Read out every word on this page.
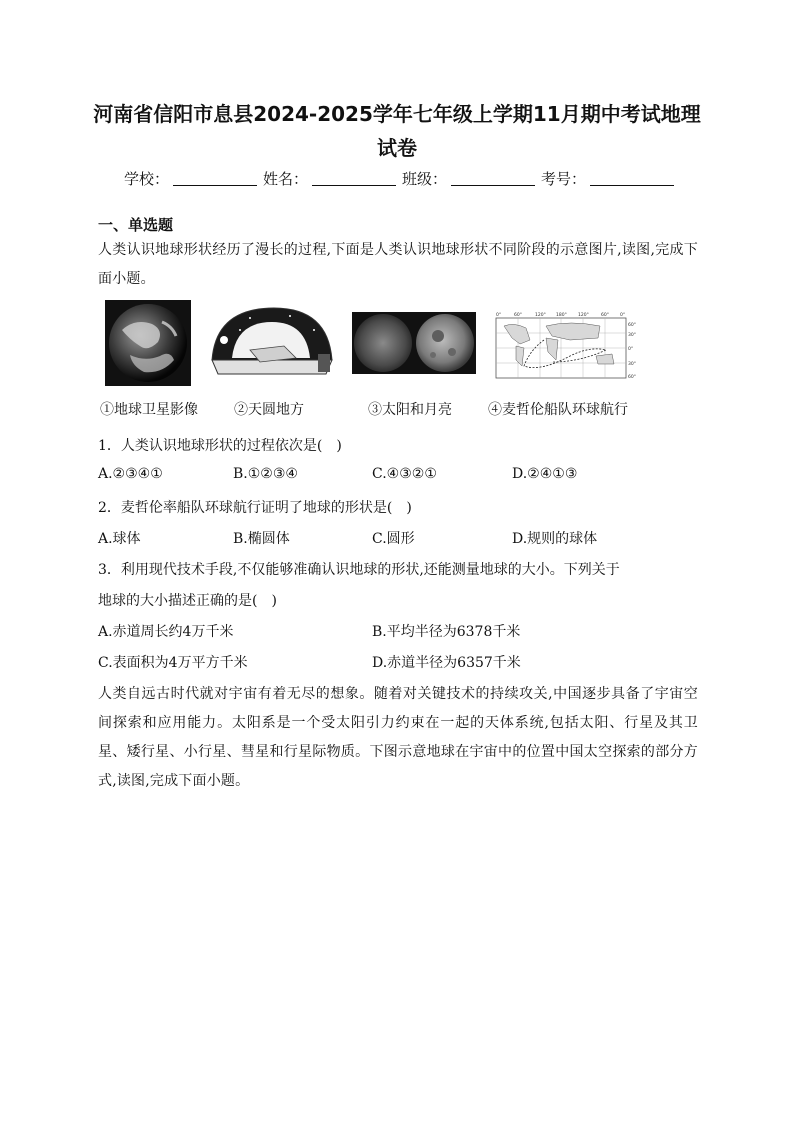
河南省信阳市息县2024-2025学年七年级上学期11月期中考试地理
试卷
学校：	姓名：	班级：	考号：
一、单选题
人类认识地球形状经历了漫长的过程,下面是人类认识地球形状不同阶段的示意图片,读图,完成下面小题。
0°	60°	120° 180° 120°	60° 0°
60°
30°
0°
30°
60°
①地球卫星影像	②天圆地方	③太阳和月亮	④麦哲伦船队环球航行
1．人类认识地球形状的过程依次是(　)
A.②③④①	B.①②③④	C.④③②①	D.②④①③
2．麦哲伦率船队环球航行证明了地球的形状是(　)
A.球体	B.椭圆体	C.圆形	D.规则的球体
3．利用现代技术手段,不仅能够准确认识地球的形状,还能测量地球的大小。下列关于
地球的大小描述正确的是(　)
A.赤道周长约4万千米	B.平均半径为6378千米
C.表面积为4万平方千米	D.赤道半径为6357千米
人类自远古时代就对宇宙有着无尽的想象。随着对关键技术的持续攻关,中国逐步具备了宇宙空间探索和应用能力。太阳系是一个受太阳引力约束在一起的天体系统,包括太阳、行星及其卫星、矮行星、小行星、彗星和行星际物质。下图示意地球在宇宙中的位置中国太空探索的部分方式,读图,完成下面小题。
